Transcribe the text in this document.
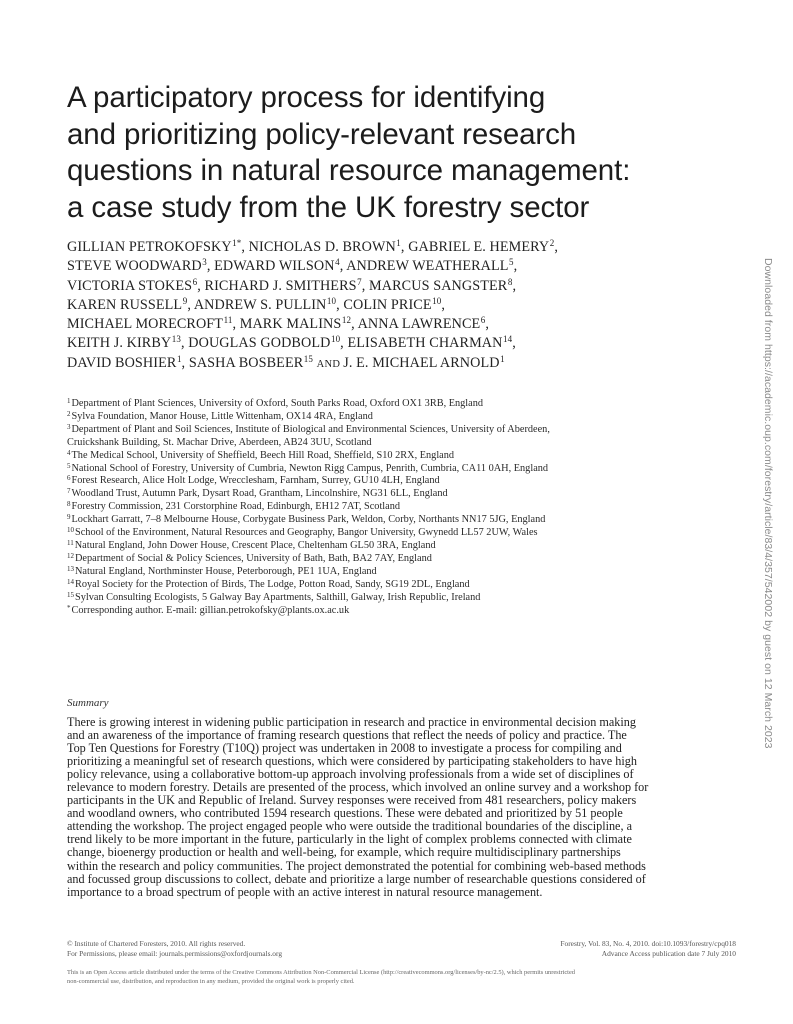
A participatory process for identifying
and prioritizing policy-relevant research
questions in natural resource management:
a case study from the UK forestry sector
GILLIAN $PETROKOFSKY^{1*}$, NICHOLAS D. BROWN$^1$, GABRIEL E. HEMERY$^2$,
STEVE WOODWARD$^3$, EDWARD WILSON$^4$, ANDREW WEATHERALL$^5$,
VICTORIA STOKES$^6$, RICHARD J. SMITHERS$^7$, MARCUS SANGSTER$^8$,
KAREN RUSSELL$^9$, ANDREW S. PULLIN$^{10}$, COLIN PRICE$^{10}$,
MICHAEL MORECROFT$^{11}$, MARK MALINS$^{12}$, ANNA LAWRENCE$^6$,
KEITH J. KIRBY$^{13}$, DOUGLAS GODBOLD$^{10}$, ELISABETH CHARMAN$^{14}$,
DAVID BOSHIER$^1$, SASHA BOSBEER$^{15}$ AND J. E. MICHAEL ARNOLD$^1$
$^1$Department of Plant Sciences, University of Oxford, South Parks Road, Oxford OX1 3RB, England
$^2$Sylva Foundation, Manor House, Little Wittenham, OX14 4RA, England
$^3$Department of Plant and Soil Sciences, Institute of Biological and Environmental Sciences, University of Aberdeen,
Cruickshank Building, St. Machar Drive, Aberdeen, AB24 3UU, Scotland
$^4$The Medical School, University of Sheffield, Beech Hill Road, Sheffield, S10 2RX, England
$^5$National School of Forestry, University of Cumbria, Newton Rigg Campus, Penrith, Cumbria, CA11 0AH, England
$^6$Forest Research, Alice Holt Lodge, Wrecclesham, Farnham, Surrey, GU10 4LH, England
$^7$Woodland Trust, Autumn Park, Dysart Road, Grantham, Lincolnshire, NG31 6LL, England
$^8$Forestry Commission, 231 Corstorphine Road, Edinburgh, EH12 7AT, Scotland
$^9$Lockhart Garratt, 7–8 Melbourne House, Corbygate Business Park, Weldon, Corby, Northants NN17 5JG, England
$^{10}$School of the Environment, Natural Resources and Geography, Bangor University, Gwynedd LL57 2UW, Wales
$^{11}$Natural England, John Dower House, Crescent Place, Cheltenham GL50 3RA, England
$^{12}$Department of Social & Policy Sciences, University of Bath, Bath, BA2 7AY, England
$^{13}$Natural England, Northminster House, Peterborough, PE1 1UA, England
$^{14}$Royal Society for the Protection of Birds, The Lodge, Potton Road, Sandy, SG19 2DL, England
$^{15}$Sylvan Consulting Ecologists, 5 Galway Bay Apartments, Salthill, Galway, Irish Republic, Ireland
*Corresponding author. E-mail: gillian.petrokofsky@plants.ox.ac.uk
Summary

There is growing interest in widening public participation in research and practice in environmental decision making
and an awareness of the importance of framing research questions that reflect the needs of policy and practice. The
Top Ten Questions for Forestry (T10Q) project was undertaken in 2008 to investigate a process for compiling and
prioritizing a meaningful set of research questions, which were considered by participating stakeholders to have high
policy relevance, using a collaborative bottom-up approach involving professionals from a wide set of disciplines of
relevance to modern forestry. Details are presented of the process, which involved an online survey and a workshop for
participants in the UK and Republic of Ireland. Survey responses were received from 481 researchers, policy makers
and woodland owners, who contributed 1594 research questions. These were debated and prioritized by 51 people
attending the workshop. The project engaged people who were outside the traditional boundaries of the discipline, a
trend likely to be more important in the future, particularly in the light of complex problems connected with climate
change, bioenergy production or health and well-being, for example, which require multidisciplinary partnerships
within the research and policy communities. The project demonstrated the potential for combining web-based methods
and focussed group discussions to collect, debate and prioritize a large number of researchable questions considered of
importance to a broad spectrum of people with an active interest in natural resource management.

© Institute of Chartered Foresters, 2010. All rights reserved.
For Permissions, please email: journals.permissions@oxfordjournals.org
Forestry, Vol. 83, No. 4, 2010. doi:10.1093/forestry/cpq018
Advance Access publication date 7 July 2010
This is an Open Access article distributed under the terms of the Creative Commons Attribution Non-Commercial License (http://creativecommons.org/licenses/by-nc/2.5), which permits unrestricted
non-commercial use, distribution, and reproduction in any medium, provided the original work is properly cited.
Downloaded from https://academic.oup.com/forestry/article/83/4/357/542002 by guest on 12 March 2023
